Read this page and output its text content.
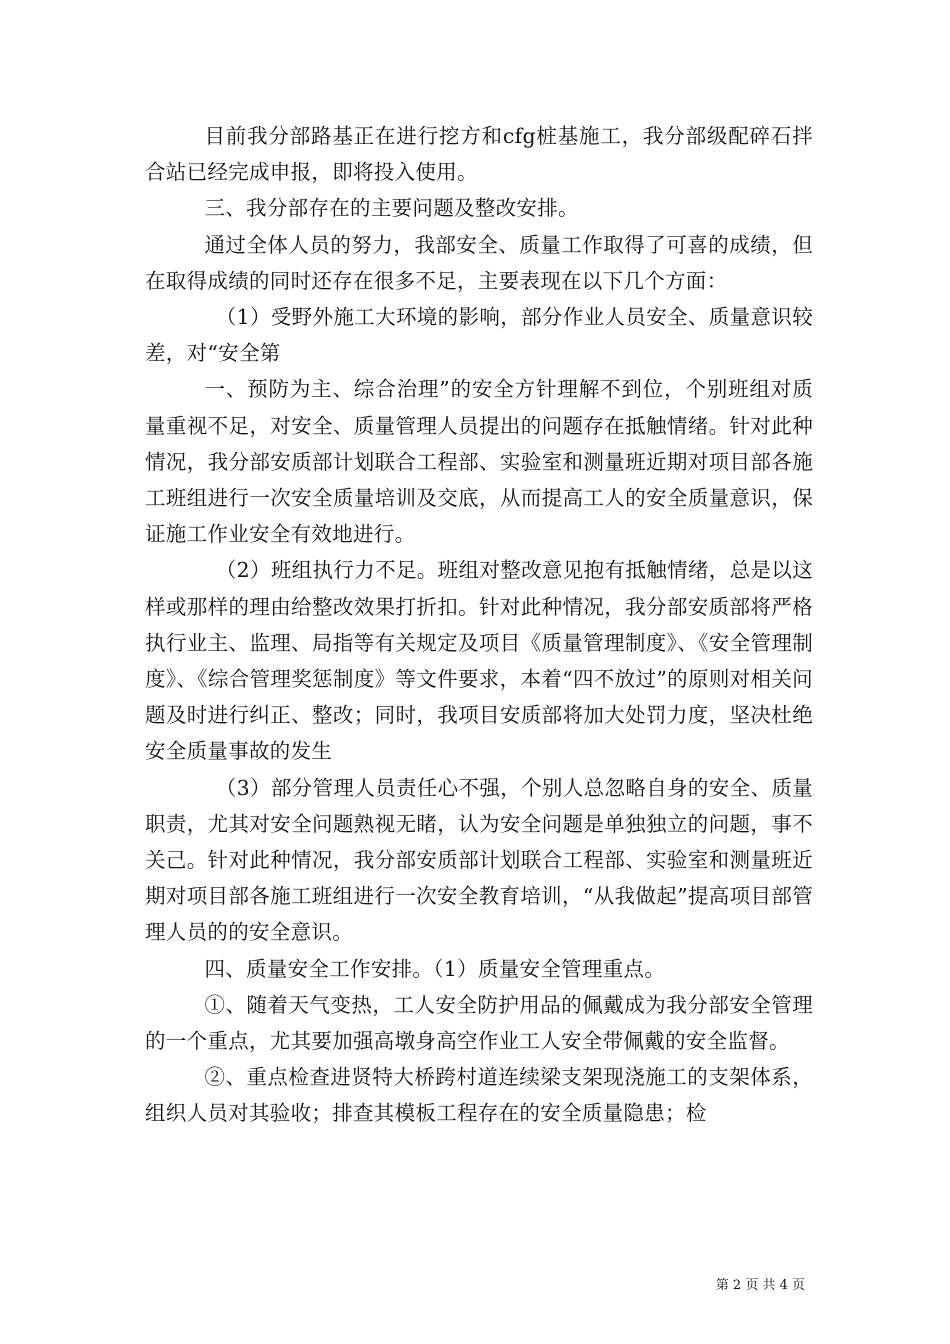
目前我分部路基正在进行挖方和cfg桩基施工，我分部级配碎石拌合站已经完成申报，即将投入使用。

三、我分部存在的主要问题及整改安排。

通过全体人员的努力，我部安全、质量工作取得了可喜的成绩，但在取得成绩的同时还存在很多不足，主要表现在以下几个方面：

（1）受野外施工大环境的影响，部分作业人员安全、质量意识较差，对“安全第

一、预防为主、综合治理”的安全方针理解不到位，个别班组对质量重视不足，对安全、质量管理人员提出的问题存在抵触情绪。针对此种情况，我分部安质部计划联合工程部、实验室和测量班近期对项目部各施工班组进行一次安全质量培训及交底，从而提高工人的安全质量意识，保证施工作业安全有效地进行。

（2）班组执行力不足。班组对整改意见抱有抵触情绪，总是以这样或那样的理由给整改效果打折扣。针对此种情况，我分部安质部将严格执行业主、监理、局指等有关规定及项目《质量管理制度》、《安全管理制度》、《综合管理奖惩制度》等文件要求，本着“四不放过”的原则对相关问题及时进行纠正、整改；同时，我项目安质部将加大处罚力度，坚决杜绝安全质量事故的发生

（3）部分管理人员责任心不强，个别人总忽略自身的安全、质量职责，尤其对安全问题熟视无睹，认为安全问题是单独独立的问题，事不关己。针对此种情况，我分部安质部计划联合工程部、实验室和测量班近期对项目部各施工班组进行一次安全教育培训，“从我做起”提高项目部管理人员的的安全意识。

四、质量安全工作安排。（1）质量安全管理重点。

①、随着天气变热，工人安全防护用品的佩戴成为我分部安全管理的一个重点，尤其要加强高墩身高空作业工人安全带佩戴的安全监督。

②、重点检查进贤特大桥跨村道连续梁支架现浇施工的支架体系，组织人员对其验收；排查其模板工程存在的安全质量隐患；检

第 2 页 共 4 页
